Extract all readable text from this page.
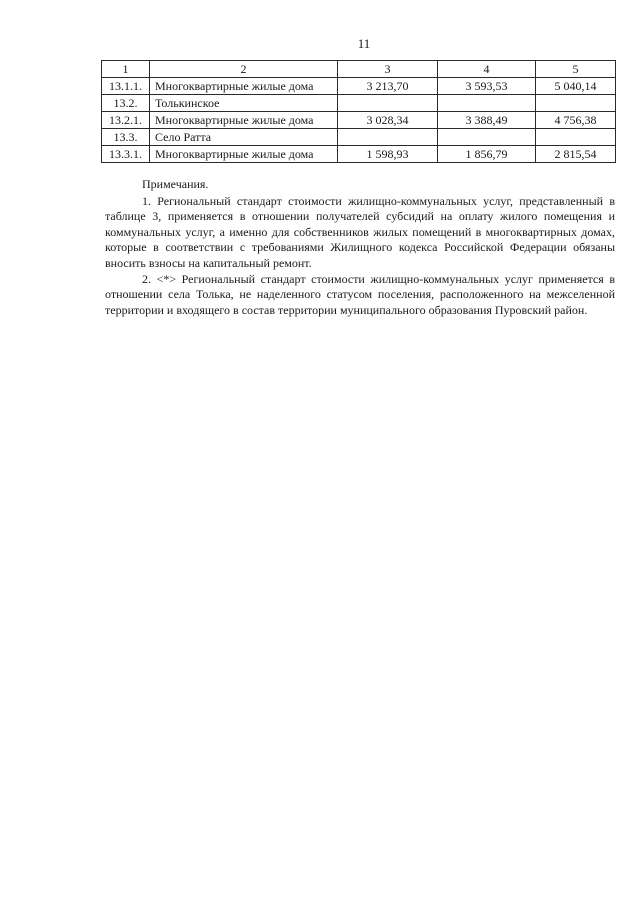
11
1	2	3	4	5
13.1.1.	Многоквартирные жилые дома	3 213,70	3 593,53	5 040,14
13.2.	Толькинское			
13.2.1.	Многоквартирные жилые дома	3 028,34	3 388,49	4 756,38
13.3.	Село Ратта			
13.3.1.	Многоквартирные жилые дома	1 598,93	1 856,79	2 815,54

Примечания.

1. Региональный стандарт стоимости жилищно-коммунальных услуг, представленный в таблице 3, применяется в отношении получателей субсидий на оплату жилого помещения и коммунальных услуг, а именно для собственников жилых помещений в многоквартирных домах, которые в соответствии с требованиями Жилищного кодекса Российской Федерации обязаны вносить взносы на капитальный ремонт.

2. <*> Региональный стандарт стоимости жилищно-коммунальных услуг применяется в отношении села Толька, не наделенного статусом поселения, расположенного на межселенной территории и входящего в состав территории муниципального образования Пуровский район.
